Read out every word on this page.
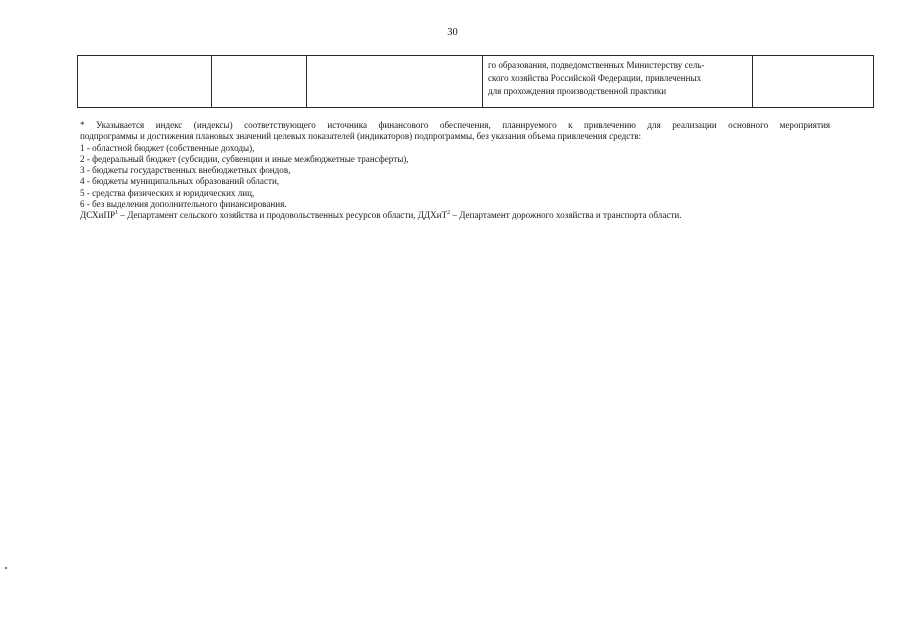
30

го образования, подведомственных Министерству сель-
ского хозяйства Российской Федерации, привлеченных
для прохождения производственной практики

* Указывается индекс (индексы) соответствующего источника финансового обеспечения, планируемого к привлечению для реализации основного мероприятия
подпрограммы и достижения плановых значений целевых показателей (индикаторов) подпрограммы, без указания объема привлечения средств:
1 - областной бюджет (собственные доходы),
2 - федеральный бюджет (субсидии, субвенции и иные межбюджетные трансферты),
3 - бюджеты государственных внебюджетных фондов,
4 - бюджеты муниципальных образований области,
5 - средства физических и юридических лиц,
6 - без выделения дополнительного финансирования.
ДСХиПР$^1$ – Департамент сельского хозяйства и продовольственных ресурсов области, ДДХиТ$^2$ – Департамент дорожного хозяйства и транспорта области.
